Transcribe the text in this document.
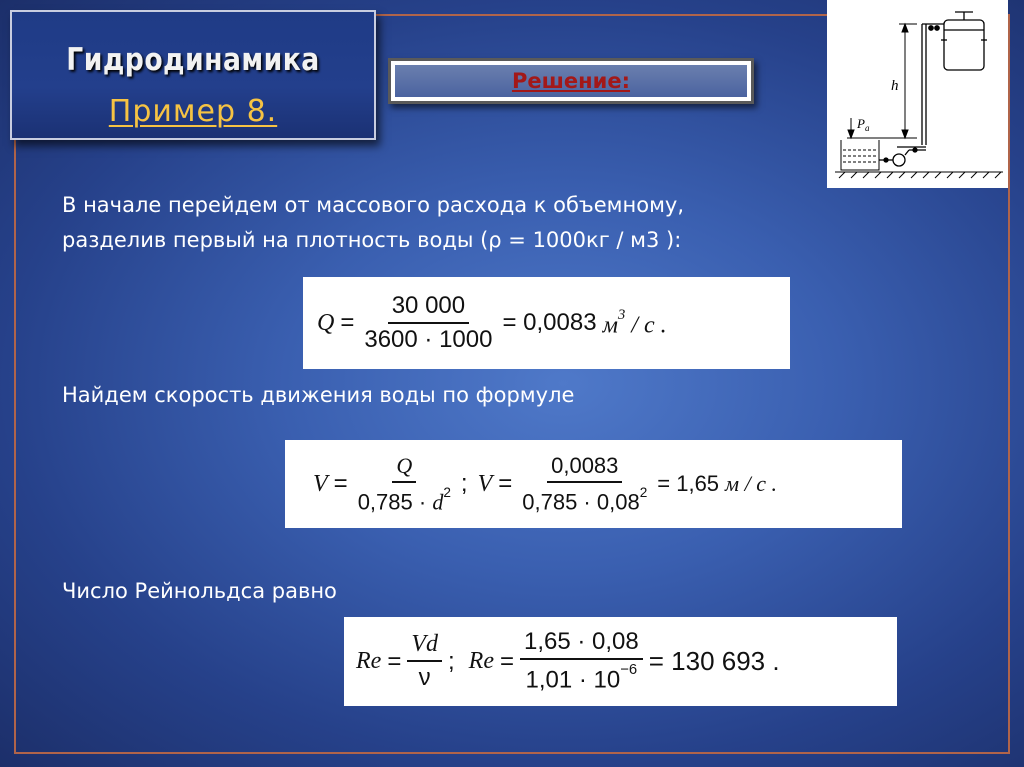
Гидродинамика
Пример 8.
Решение:	h
$P_a$
В начале перейдем от массового расхода к объемному,
разделив первый на плотность воды (ρ = 1000кг / м3 ):
$Q = \frac{30 000}{3600 \cdot 1000} = 0,0083$ $м^3$ / с .
Найдем скорость движения воды по формуле
$V = \frac{Q}{0,785 \cdot d^2}$ ; $V = \frac{0,0083}{0,785 \cdot 0,08^2} = 1,65$ м / с .
Число Рейнольдса равно
$Re = \frac{Vd}{\nu}$ ; $Re = \frac{1,65 \cdot 0,08}{1,01 \cdot 10^{-6}} = 130$ 693 .
